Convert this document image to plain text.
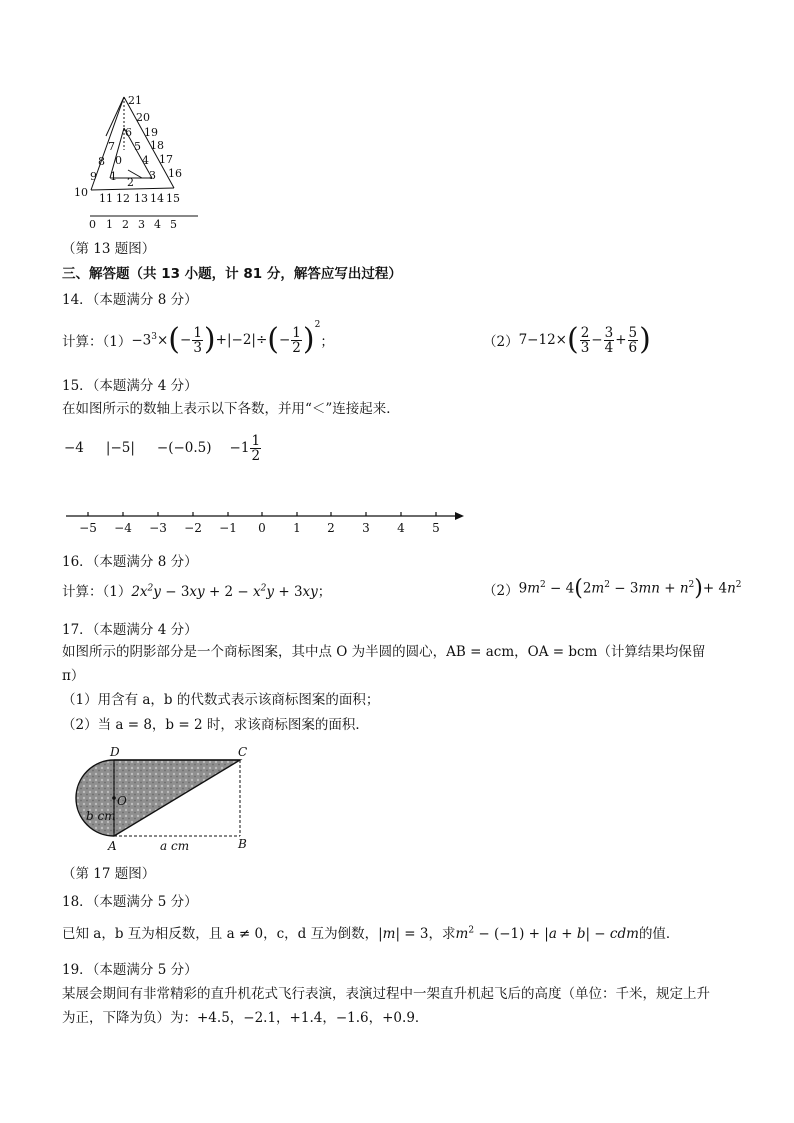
21
20
19
18
17
16
15
14
13
12
11
10
9
8
7
6
5
4
3
2
1
0
0 1 2 3 4 5
（第 13 题图）
三、解答题（共 13 小题，计 81 分，解答应写出过程）
14．（本题满分 8 分）
计算：$(1) -3^3\times$ ( − $\frac{1}{3}$ ) + |−2|÷ ( − $\frac{1}{2} )^2$
；	（2） 7−12× ( $\frac{2}{3} - \frac{3}{4} + \frac{5}{6}$ )
15．（本题满分 4 分）
在如图所示的数轴上表示以下各数，并用“＜”连接起来．
−4 $|-5| -(-0.5) -1 \frac{1}{2}$
−5 −4 −3 −2 −1 0 1 2 3 4 5
16．（本题满分 8 分）
计算：$(1)2x^2y - 3xy + 2 - x^2y + 3xy$；	（2） $9m^2 - 4$ ( $2m^2 - 3mn + n^2$ ) + $4n^2$
17．（本题满分 4 分）
如图所示的阴影部分是一个商标图案，其中点 O 为半圆的圆心，AB = acm，OA = bcm（计算结果均保留
π）
（1）用含有 a，b 的代数式表示该商标图案的面积；
（2）当 a = 8，b = 2 时，求该商标图案的面积．
D	C
O
A	B
b cm
a cm
（第 17 题图）
18．（本题满分 5 分）
已知 a，b 互为相反数，且 a ≠ 0，c，d 互为倒数，|m| = 3，求$m^2 - (-1) + |a + b|$ − cdm的值．
19．（本题满分 5 分）
某展会期间有非常精彩的直升机花式飞行表演，表演过程中一架直升机起飞后的高度（单位：千米，规定上升
为正，下降为负）为：+4.5，−2.1，+1.4，−1.6，+0.9．
